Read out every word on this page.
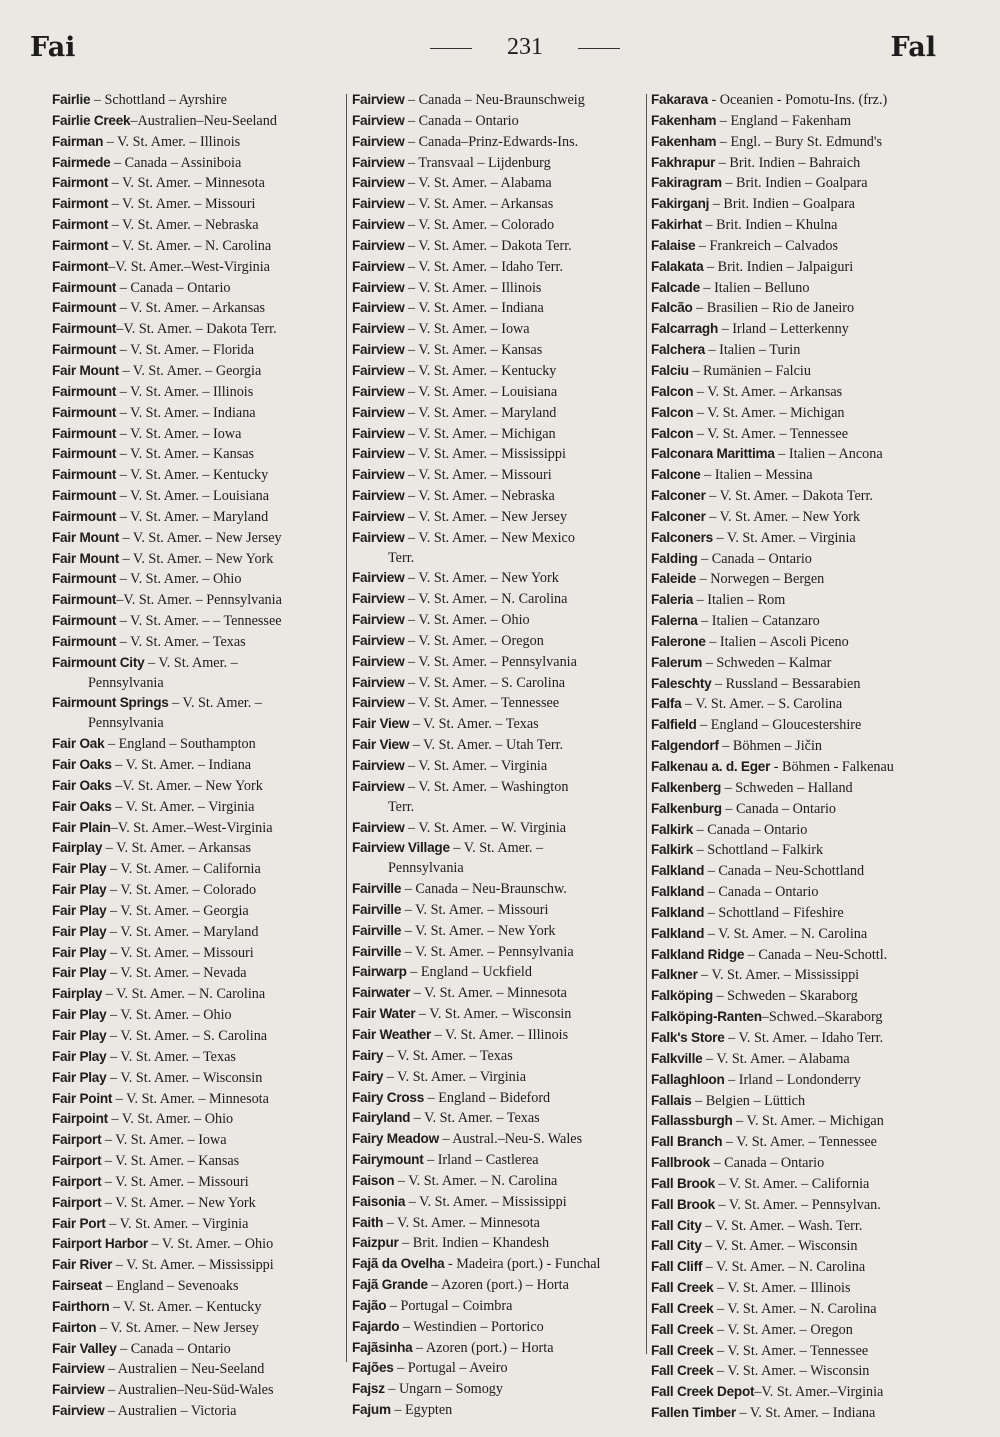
Fai	231	Fal
Fairlie – Schottland – Ayrshire
Fairlie Creek–Australien–Neu-Seeland
Fairman – V. St. Amer. – Illinois
Fairmede – Canada – Assiniboia
Fairmont – V. St. Amer. – Minnesota
Fairmont – V. St. Amer. – Missouri
Fairmont – V. St. Amer. – Nebraska
Fairmont – V. St. Amer. – N. Carolina
Fairmont–V. St. Amer.–West-Virginia
Fairmount – Canada – Ontario
Fairmount – V. St. Amer. – Arkansas
Fairmount–V. St. Amer. – Dakota Terr.
Fairmount – V. St. Amer. – Florida
Fair Mount – V. St. Amer. – Georgia
Fairmount – V. St. Amer. – Illinois
Fairmount – V. St. Amer. – Indiana
Fairmount – V. St. Amer. – Iowa
Fairmount – V. St. Amer. – Kansas
Fairmount – V. St. Amer. – Kentucky
Fairmount – V. St. Amer. – Louisiana
Fairmount – V. St. Amer. – Maryland
Fair Mount – V. St. Amer. – New Jersey
Fair Mount – V. St. Amer. – New York
Fairmount – V. St. Amer. – Ohio
Fairmount–V. St. Amer. – Pennsylvania
Fairmount – V. St. Amer. – – Tennessee
Fairmount – V. St. Amer. – Texas
Fairmount City – V. St. Amer. –
Pennsylvania
Fairmount Springs – V. St. Amer. –
Pennsylvania
Fair Oak – England – Southampton
Fair Oaks – V. St. Amer. – Indiana
Fair Oaks –V. St. Amer. – New York
Fair Oaks – V. St. Amer. – Virginia
Fair Plain–V. St. Amer.–West-Virginia
Fairplay – V. St. Amer. – Arkansas
Fair Play – V. St. Amer. – California
Fair Play – V. St. Amer. – Colorado
Fair Play – V. St. Amer. – Georgia
Fair Play – V. St. Amer. – Maryland
Fair Play – V. St. Amer. – Missouri
Fair Play – V. St. Amer. – Nevada
Fairplay – V. St. Amer. – N. Carolina
Fair Play – V. St. Amer. – Ohio
Fair Play – V. St. Amer. – S. Carolina
Fair Play – V. St. Amer. – Texas
Fair Play – V. St. Amer. – Wisconsin
Fair Point – V. St. Amer. – Minnesota
Fairpoint – V. St. Amer. – Ohio
Fairport – V. St. Amer. – Iowa
Fairport – V. St. Amer. – Kansas
Fairport – V. St. Amer. – Missouri
Fairport – V. St. Amer. – New York
Fair Port – V. St. Amer. – Virginia
Fairport Harbor – V. St. Amer. – Ohio
Fair River – V. St. Amer. – Mississippi
Fairseat – England – Sevenoaks
Fairthorn – V. St. Amer. – Kentucky
Fairton – V. St. Amer. – New Jersey
Fair Valley – Canada – Ontario
Fairview – Australien – Neu-Seeland
Fairview – Australien–Neu-Süd-Wales
Fairview – Australien – Victoria
Fairview – Canada – Neu-Braunschweig
Fairview – Canada – Ontario
Fairview – Canada–Prinz-Edwards-Ins.
Fairview – Transvaal – Lijdenburg
Fairview – V. St. Amer. – Alabama
Fairview – V. St. Amer. – Arkansas
Fairview – V. St. Amer. – Colorado
Fairview – V. St. Amer. – Dakota Terr.
Fairview – V. St. Amer. – Idaho Terr.
Fairview – V. St. Amer. – Illinois
Fairview – V. St. Amer. – Indiana
Fairview – V. St. Amer. – Iowa
Fairview – V. St. Amer. – Kansas
Fairview – V. St. Amer. – Kentucky
Fairview – V. St. Amer. – Louisiana
Fairview – V. St. Amer. – Maryland
Fairview – V. St. Amer. – Michigan
Fairview – V. St. Amer. – Mississippi
Fairview – V. St. Amer. – Missouri
Fairview – V. St. Amer. – Nebraska
Fairview – V. St. Amer. – New Jersey
Fairview – V. St. Amer. – New Mexico
Terr.
Fairview – V. St. Amer. – New York
Fairview – V. St. Amer. – N. Carolina
Fairview – V. St. Amer. – Ohio
Fairview – V. St. Amer. – Oregon
Fairview – V. St. Amer. – Pennsylvania
Fairview – V. St. Amer. – S. Carolina
Fairview – V. St. Amer. – Tennessee
Fair View – V. St. Amer. – Texas
Fair View – V. St. Amer. – Utah Terr.
Fairview – V. St. Amer. – Virginia
Fairview – V. St. Amer. – Washington
Terr.
Fairview – V. St. Amer. – W. Virginia
Fairview Village – V. St. Amer. –
Pennsylvania
Fairville – Canada – Neu-Braunschw.
Fairville – V. St. Amer. – Missouri
Fairville – V. St. Amer. – New York
Fairville – V. St. Amer. – Pennsylvania
Fairwarp – England – Uckfield
Fairwater – V. St. Amer. – Minnesota
Fair Water – V. St. Amer. – Wisconsin
Fair Weather – V. St. Amer. – Illinois
Fairy – V. St. Amer. – Texas
Fairy – V. St. Amer. – Virginia
Fairy Cross – England – Bideford
Fairyland – V. St. Amer. – Texas
Fairy Meadow – Austral.–Neu-S. Wales
Fairymount – Irland – Castlerea
Faison – V. St. Amer. – N. Carolina
Faisonia – V. St. Amer. – Mississippi
Faith – V. St. Amer. – Minnesota
Faizpur – Brit. Indien – Khandesh
Fajã da Ovelha - Madeira (port.) - Funchal
Fajã Grande – Azoren (port.) – Horta
Fajão – Portugal – Coimbra
Fajardo – Westindien – Portorico
Fajãsinha – Azoren (port.) – Horta
Fajões – Portugal – Aveiro
Fajsz – Ungarn – Somogy
Fajum – Egypten
Fakarava - Oceanien - Pomotu-Ins. (frz.)
Fakenham – England – Fakenham
Fakenham – Engl. – Bury St. Edmund's
Fakhrapur – Brit. Indien – Bahraich
Fakiragram – Brit. Indien – Goalpara
Fakirganj – Brit. Indien – Goalpara
Fakirhat – Brit. Indien – Khulna
Falaise – Frankreich – Calvados
Falakata – Brit. Indien – Jalpaiguri
Falcade – Italien – Belluno
Falcão – Brasilien – Rio de Janeiro
Falcarragh – Irland – Letterkenny
Falchera – Italien – Turin
Falciu – Rumänien – Falciu
Falcon – V. St. Amer. – Arkansas
Falcon – V. St. Amer. – Michigan
Falcon – V. St. Amer. – Tennessee
Falconara Marittima – Italien – Ancona
Falcone – Italien – Messina
Falconer – V. St. Amer. – Dakota Terr.
Falconer – V. St. Amer. – New York
Falconers – V. St. Amer. – Virginia
Falding – Canada – Ontario
Faleide – Norwegen – Bergen
Faleria – Italien – Rom
Falerna – Italien – Catanzaro
Falerone – Italien – Ascoli Piceno
Falerum – Schweden – Kalmar
Faleschty – Russland – Bessarabien
Falfa – V. St. Amer. – S. Carolina
Falfield – England – Gloucestershire
Falgendorf – Böhmen – Jičin
Falkenau a. d. Eger - Böhmen - Falkenau
Falkenberg – Schweden – Halland
Falkenburg – Canada – Ontario
Falkirk – Canada – Ontario
Falkirk – Schottland – Falkirk
Falkland – Canada – Neu-Schottland
Falkland – Canada – Ontario
Falkland – Schottland – Fifeshire
Falkland – V. St. Amer. – N. Carolina
Falkland Ridge – Canada – Neu-Schottl.
Falkner – V. St. Amer. – Mississippi
Falköping – Schweden – Skaraborg
Falköping-Ranten–Schwed.–Skaraborg
Falk's Store – V. St. Amer. – Idaho Terr.
Falkville – V. St. Amer. – Alabama
Fallaghloon – Irland – Londonderry
Fallais – Belgien – Lüttich
Fallassburgh – V. St. Amer. – Michigan
Fall Branch – V. St. Amer. – Tennessee
Fallbrook – Canada – Ontario
Fall Brook – V. St. Amer. – California
Fall Brook – V. St. Amer. – Pennsylvan.
Fall City – V. St. Amer. – Wash. Terr.
Fall City – V. St. Amer. – Wisconsin
Fall Cliff – V. St. Amer. – N. Carolina
Fall Creek – V. St. Amer. – Illinois
Fall Creek – V. St. Amer. – N. Carolina
Fall Creek – V. St. Amer. – Oregon
Fall Creek – V. St. Amer. – Tennessee
Fall Creek – V. St. Amer. – Wisconsin
Fall Creek Depot–V. St. Amer.–Virginia
Fallen Timber – V. St. Amer. – Indiana
